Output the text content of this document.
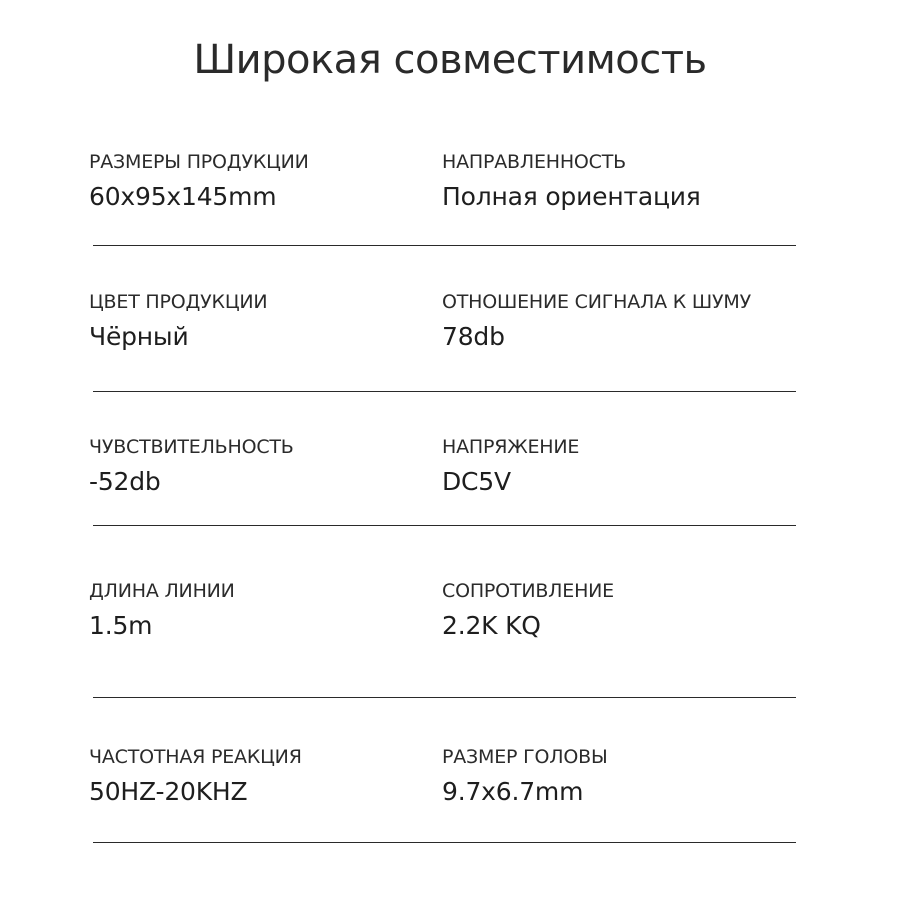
Широкая совместимость
РАЗМЕРЫ ПРОДУКЦИИ
60x95x145mm
НАПРАВЛЕННОСТЬ
Полная ориентация
ЦВЕТ ПРОДУКЦИИ
Чёрный
ОТНОШЕНИЕ СИГНАЛА К ШУМУ
78db
ЧУВСТВИТЕЛЬНОСТЬ
-52db
НАПРЯЖЕНИЕ
DC5V
ДЛИНА ЛИНИИ
1.5m
СОПРОТИВЛЕНИЕ
2.2K KQ
ЧАСТОТНАЯ РЕАКЦИЯ
50HZ-20KHZ
РАЗМЕР ГОЛОВЫ
9.7x6.7mm
